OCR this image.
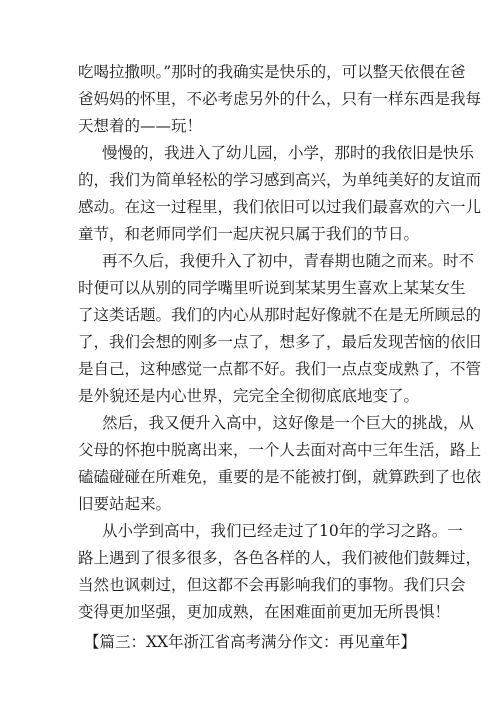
【篇三：XX年浙江省高考满分作文：再见童年】
吃喝拉撒呗。”那时的我确实是快乐的，可以整天依偎在爸
爸妈妈的怀里，不必考虑另外的什么，只有一样东西是我每
天想着的——玩！
慢慢的，我进入了幼儿园，小学，那时的我依旧是快乐
的，我们为简单轻松的学习感到高兴，为单纯美好的友谊而
感动。在这一过程里，我们依旧可以过我们最喜欢的六一儿
童节，和老师同学们一起庆祝只属于我们的节日。
再不久后，我便升入了初中，青春期也随之而来。时不
时便可以从别的同学嘴里听说到某某男生喜欢上某某女生
了这类话题。我们的内心从那时起好像就不在是无所顾忌的
了，我们会想的刚多一点了，想多了，最后发现苦恼的依旧
是自己，这种感觉一点都不好。我们一点点变成熟了，不管
是外貌还是内心世界，完完全全彻彻底底地变了。
然后，我又便升入高中，这好像是一个巨大的挑战，从
父母的怀抱中脱离出来，一个人去面对高中三年生活，路上
磕磕碰碰在所难免，重要的是不能被打倒，就算跌到了也依
旧要站起来。
从小学到高中，我们已经走过了10年的学习之路。一
路上遇到了很多很多，各色各样的人，我们被他们鼓舞过，
当然也讽刺过，但这都不会再影响我们的事物。我们只会
变得更加坚强，更加成熟，在困难面前更加无所畏惧！
